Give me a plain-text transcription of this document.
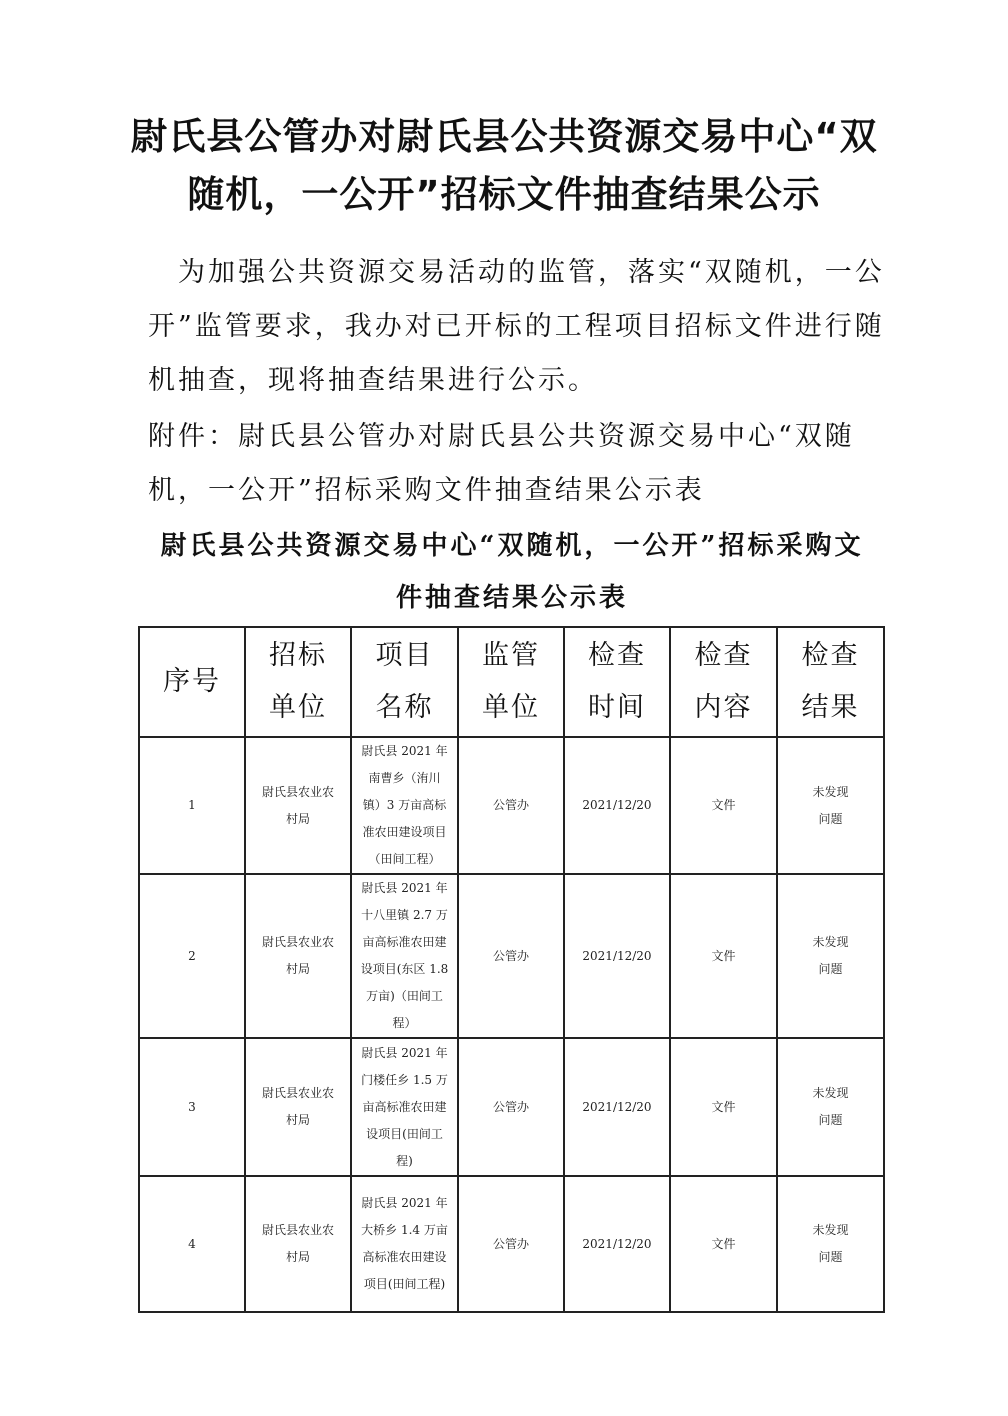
尉氏县公管办对尉氏县公共资源交易中心“双随机，一公开”招标文件抽查结果公示

为加强公共资源交易活动的监管，落实“双随机，一公开”监管要求，我办对已开标的工程项目招标文件进行随机抽查，现将抽查结果进行公示。

附件：尉氏县公管办对尉氏县公共资源交易中心“双随机，一公开”招标采购文件抽查结果公示表

尉氏县公共资源交易中心“双随机，一公开”招标采购文件抽查结果公示表
序号	招标单位	项目名称	监管单位	检查时间	检查内容	检查结果

1	尉氏县农业农村局	尉氏县 2021 年南曹乡（洧川镇）3 万亩高标准农田建设项目（田间工程）	公管办	2021/12/20	文件	未发现问题

2	尉氏县农业农村局	尉氏县 2021 年十八里镇 2.7 万亩高标准农田建设项目(东区 1.8 万亩)（田间工程）	公管办	2021/12/20	文件	未发现问题

3	尉氏县农业农村局	尉氏县 2021 年门楼任乡 1.5 万亩高标准农田建设项目(田间工程)	公管办	2021/12/20	文件	未发现问题

4	尉氏县农业农村局	尉氏县 2021 年大桥乡 1.4 万亩高标准农田建设项目(田间工程)	公管办	2021/12/20	文件	未发现问题
